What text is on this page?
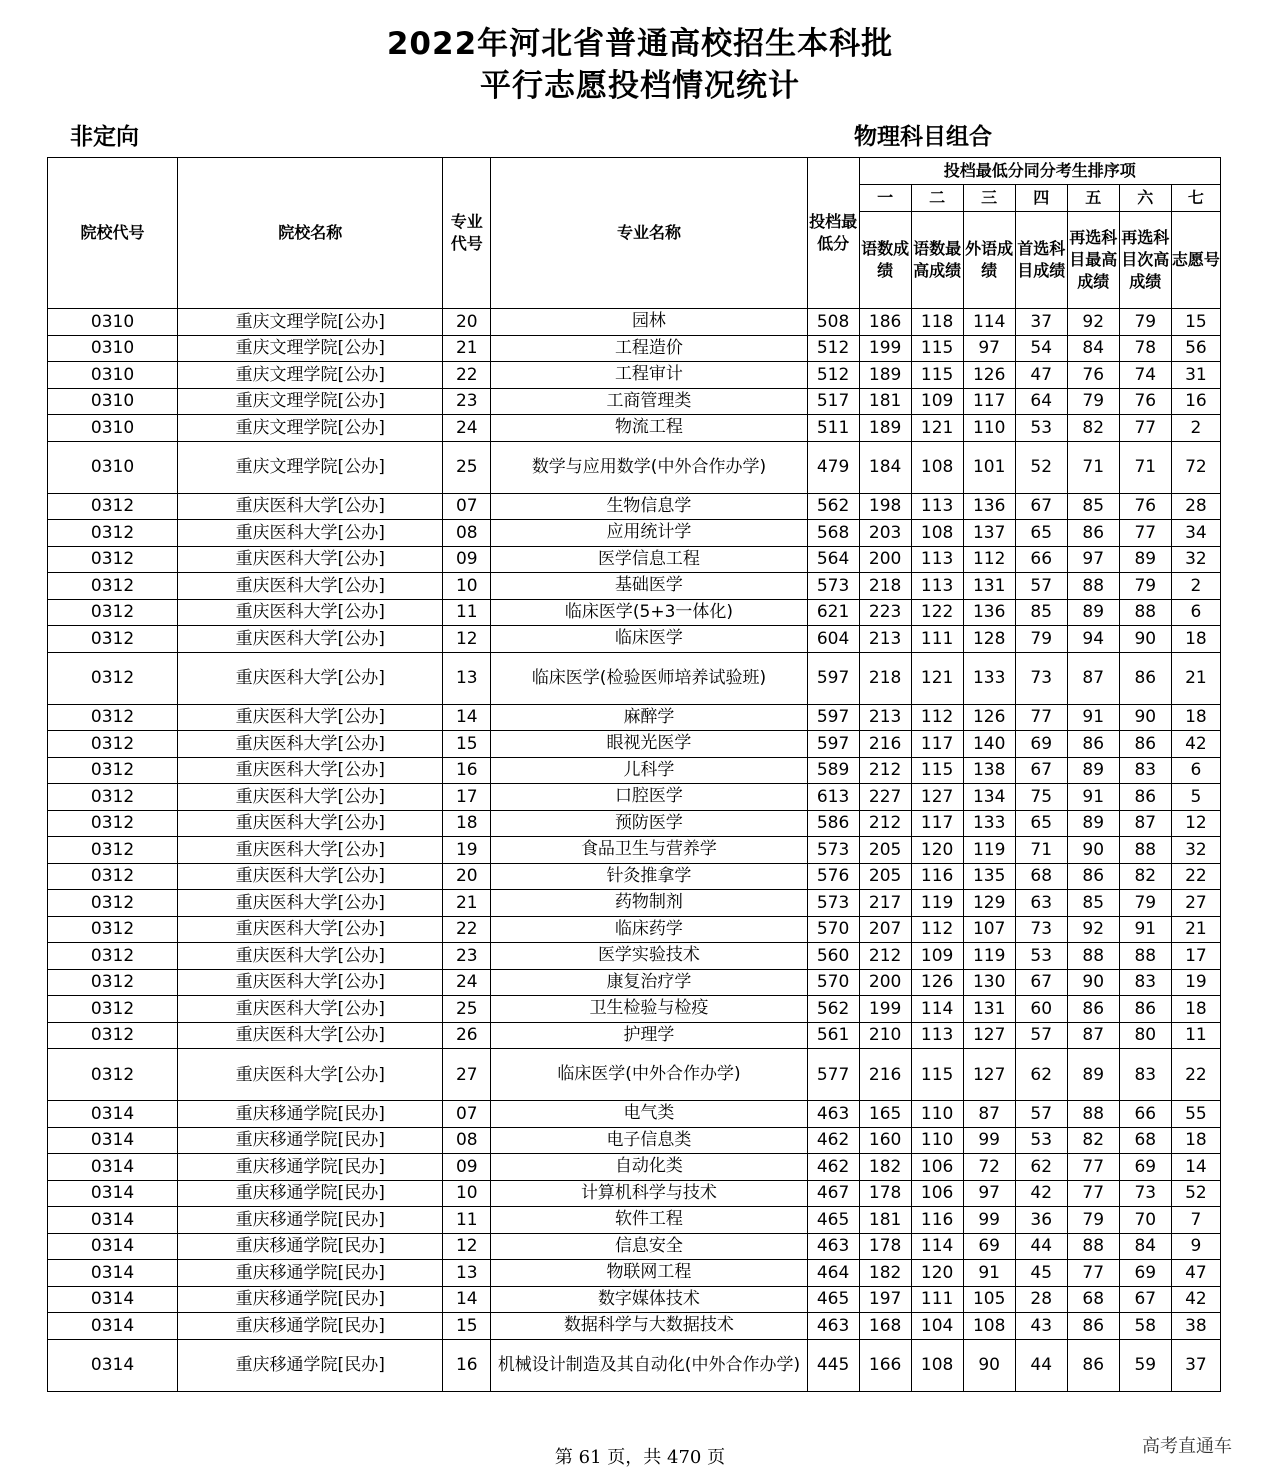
2022年河北省普通高校招生本科批
平行志愿投档情况统计
非定向	物理科目组合
院校代号	院校名称	专业代号	专业名称	投档最低分	投档最低分同分考生排序项						
					一	二	三	四	五	六	七
					语数成绩	语数最高成绩	外语成绩	首选科目成绩	再选科目最高成绩	再选科目次高成绩	志愿号
0310	重庆文理学院[公办]	20	园林	508	186	118	114	37	92	79	15
0310	重庆文理学院[公办]	21	工程造价	512	199	115	97	54	84	78	56
0310	重庆文理学院[公办]	22	工程审计	512	189	115	126	47	76	74	31
0310	重庆文理学院[公办]	23	工商管理类	517	181	109	117	64	79	76	16
0310	重庆文理学院[公办]	24	物流工程	511	189	121	110	53	82	77	2
0310	重庆文理学院[公办]	25	数学与应用数学(中外合作办学)	479	184	108	101	52	71	71	72
0312	重庆医科大学[公办]	07	生物信息学	562	198	113	136	67	85	76	28
0312	重庆医科大学[公办]	08	应用统计学	568	203	108	137	65	86	77	34
0312	重庆医科大学[公办]	09	医学信息工程	564	200	113	112	66	97	89	32
0312	重庆医科大学[公办]	10	基础医学	573	218	113	131	57	88	79	2
0312	重庆医科大学[公办]	11	临床医学(5+3一体化)	621	223	122	136	85	89	88	6
0312	重庆医科大学[公办]	12	临床医学	604	213	111	128	79	94	90	18
0312	重庆医科大学[公办]	13	临床医学(检验医师培养试验班)	597	218	121	133	73	87	86	21
0312	重庆医科大学[公办]	14	麻醉学	597	213	112	126	77	91	90	18
0312	重庆医科大学[公办]	15	眼视光医学	597	216	117	140	69	86	86	42
0312	重庆医科大学[公办]	16	儿科学	589	212	115	138	67	89	83	6
0312	重庆医科大学[公办]	17	口腔医学	613	227	127	134	75	91	86	5
0312	重庆医科大学[公办]	18	预防医学	586	212	117	133	65	89	87	12
0312	重庆医科大学[公办]	19	食品卫生与营养学	573	205	120	119	71	90	88	32
0312	重庆医科大学[公办]	20	针灸推拿学	576	205	116	135	68	86	82	22
0312	重庆医科大学[公办]	21	药物制剂	573	217	119	129	63	85	79	27
0312	重庆医科大学[公办]	22	临床药学	570	207	112	107	73	92	91	21
0312	重庆医科大学[公办]	23	医学实验技术	560	212	109	119	53	88	88	17
0312	重庆医科大学[公办]	24	康复治疗学	570	200	126	130	67	90	83	19
0312	重庆医科大学[公办]	25	卫生检验与检疫	562	199	114	131	60	86	86	18
0312	重庆医科大学[公办]	26	护理学	561	210	113	127	57	87	80	11
0312	重庆医科大学[公办]	27	临床医学(中外合作办学)	577	216	115	127	62	89	83	22
0314	重庆移通学院[民办]	07	电气类	463	165	110	87	57	88	66	55
0314	重庆移通学院[民办]	08	电子信息类	462	160	110	99	53	82	68	18
0314	重庆移通学院[民办]	09	自动化类	462	182	106	72	62	77	69	14
0314	重庆移通学院[民办]	10	计算机科学与技术	467	178	106	97	42	77	73	52
0314	重庆移通学院[民办]	11	软件工程	465	181	116	99	36	79	70	7
0314	重庆移通学院[民办]	12	信息安全	463	178	114	69	44	88	84	9
0314	重庆移通学院[民办]	13	物联网工程	464	182	120	91	45	77	69	47
0314	重庆移通学院[民办]	14	数字媒体技术	465	197	111	105	28	68	67	42
0314	重庆移通学院[民办]	15	数据科学与大数据技术	463	168	104	108	43	86	58	38
0314	重庆移通学院[民办]	16	机械设计制造及其自动化(中外合作办学)	445	166	108	90	44	86	59	37
第 61 页，共 470 页
高考直通车
